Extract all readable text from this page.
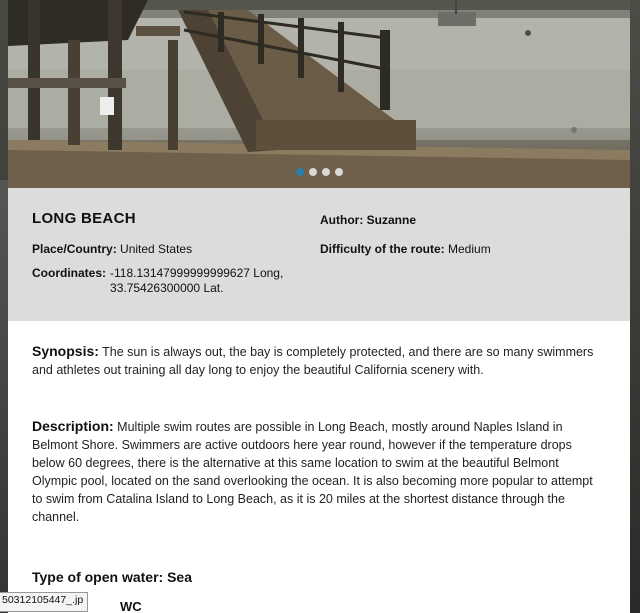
LONG BEACH	Author: Suzanne
Place/Country: United States	Difficulty of the route: Medium
Coordinates: -118.13147999999999627 Long,
33.75426300000 Lat.
Synopsis: The sun is always out, the bay is completely protected, and there are so many swimmers and athletes out training all day long to enjoy the beautiful California scenery with.
Description: Multiple swim routes are possible in Long Beach, mostly around Naples Island in Belmont Shore. Swimmers are active outdoors here year round, however if the temperature drops below 60 degrees, there is the alternative at this same location to swim at the beautiful Belmont Olympic pool, located on the sand overlooking the ocean. It is also becoming more popular to attempt to swim from Catalina Island to Long Beach, as it is 20 miles at the shortest distance through the channel.
Type of open water: Sea
WC
50312105447_.jp
